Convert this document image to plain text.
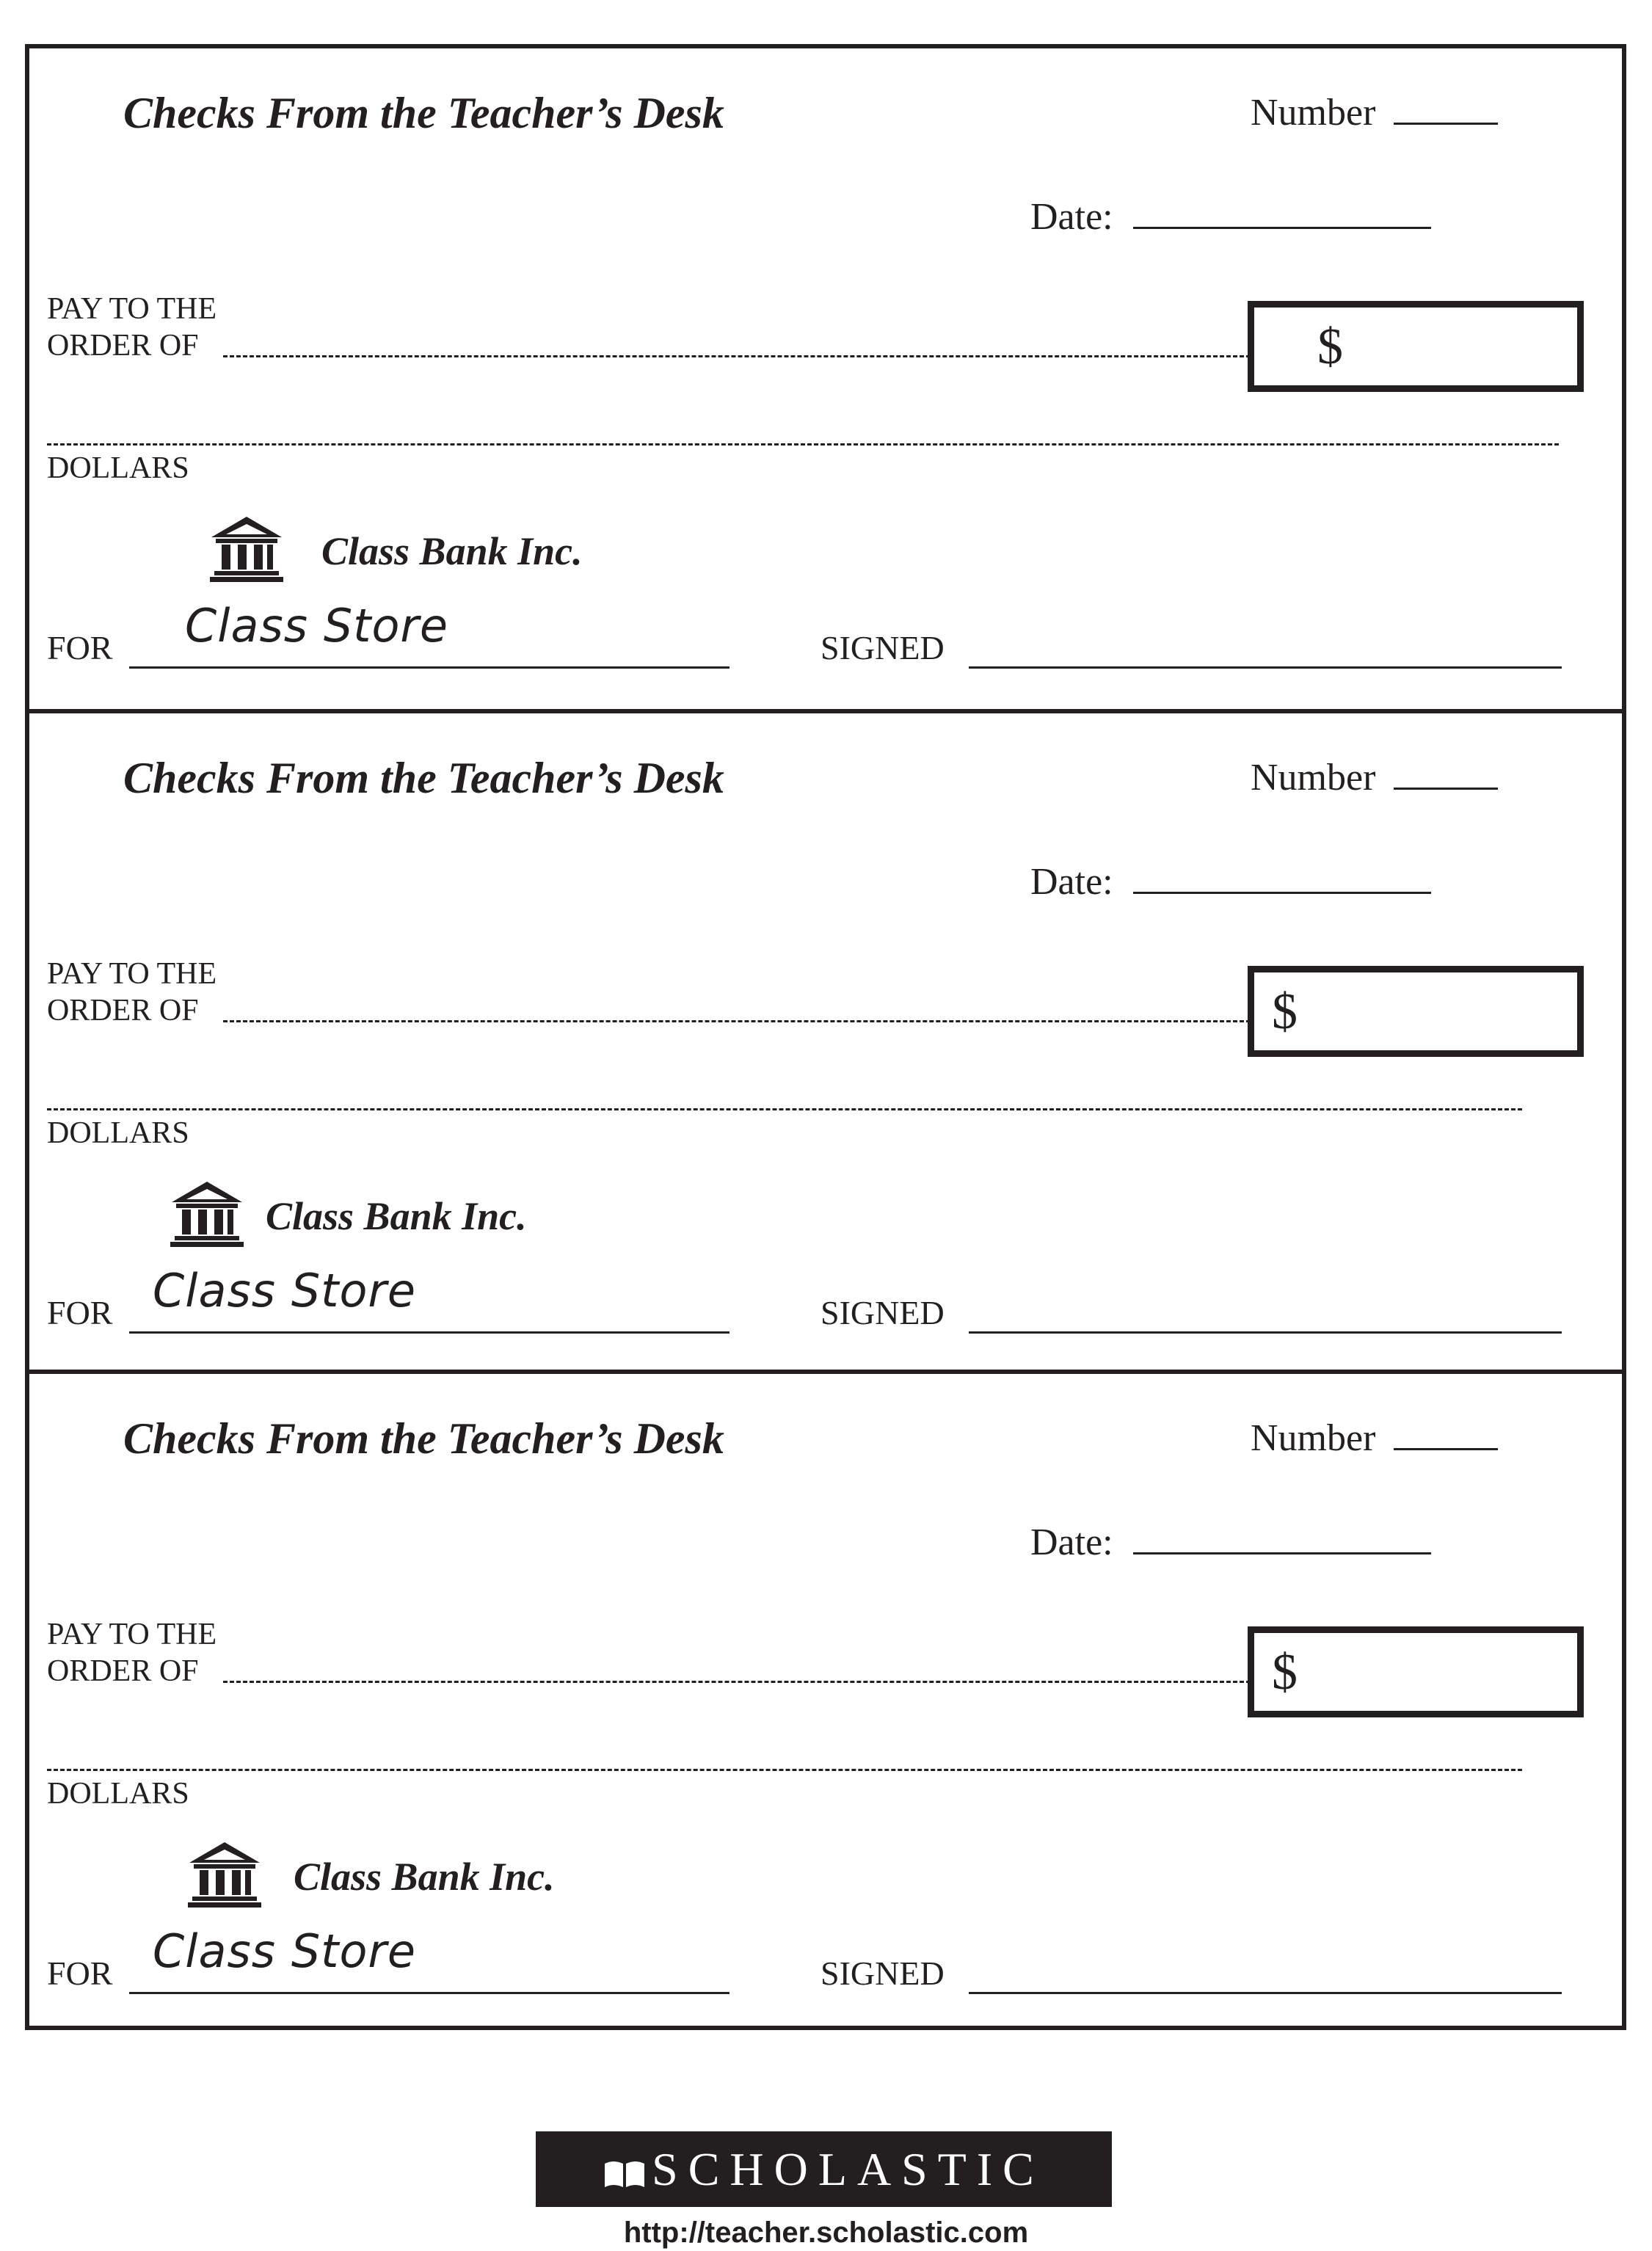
Checks From the Teacher’s Desk	Number
Date:
PAY TO THE
ORDER OF	$
DOLLARS
Class Bank Inc.
FOR Class Store	SIGNED
Checks From the Teacher’s Desk	Number
Date:
PAY TO THE
ORDER OF	$
DOLLARS
Class Bank Inc.
FOR Class Store	SIGNED
Checks From the Teacher’s Desk	Number
Date:
PAY TO THE
ORDER OF	$
DOLLARS
Class Bank Inc.
FOR Class Store	SIGNED
SCHOLASTIC
http://teacher.scholastic.com
